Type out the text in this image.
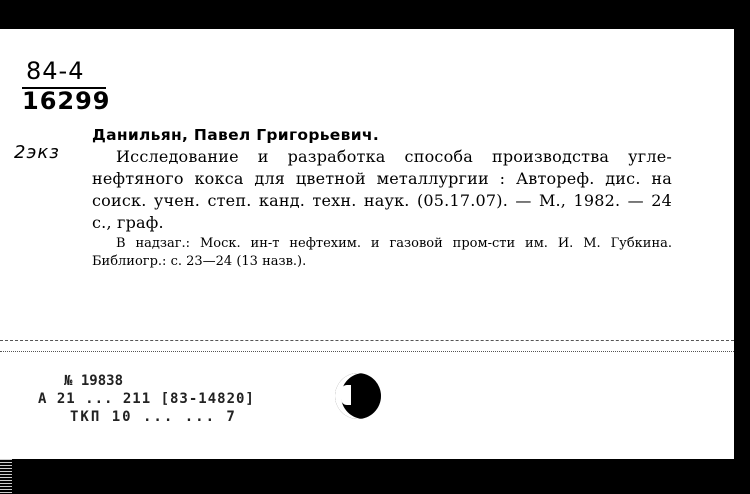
84-4
16299
2экз
Данильян, Павел Григорьевич.
Исследование и разработка способа производства угле-нефтяного кокса для цветной металлургии : Автореф. дис. на соиск. учен. степ. канд. техн. наук. (05.17.07). — М., 1982. — 24 с., граф.
В надзаг.: Моск. ин-т нефтехим. и газовой пром-сти им. И. М. Губкина. Библиогр.: с. 23—24 (13 назв.).
№ 19838
А 21 ... 211 [83-14820]
ТКП 10 ... ... 7
